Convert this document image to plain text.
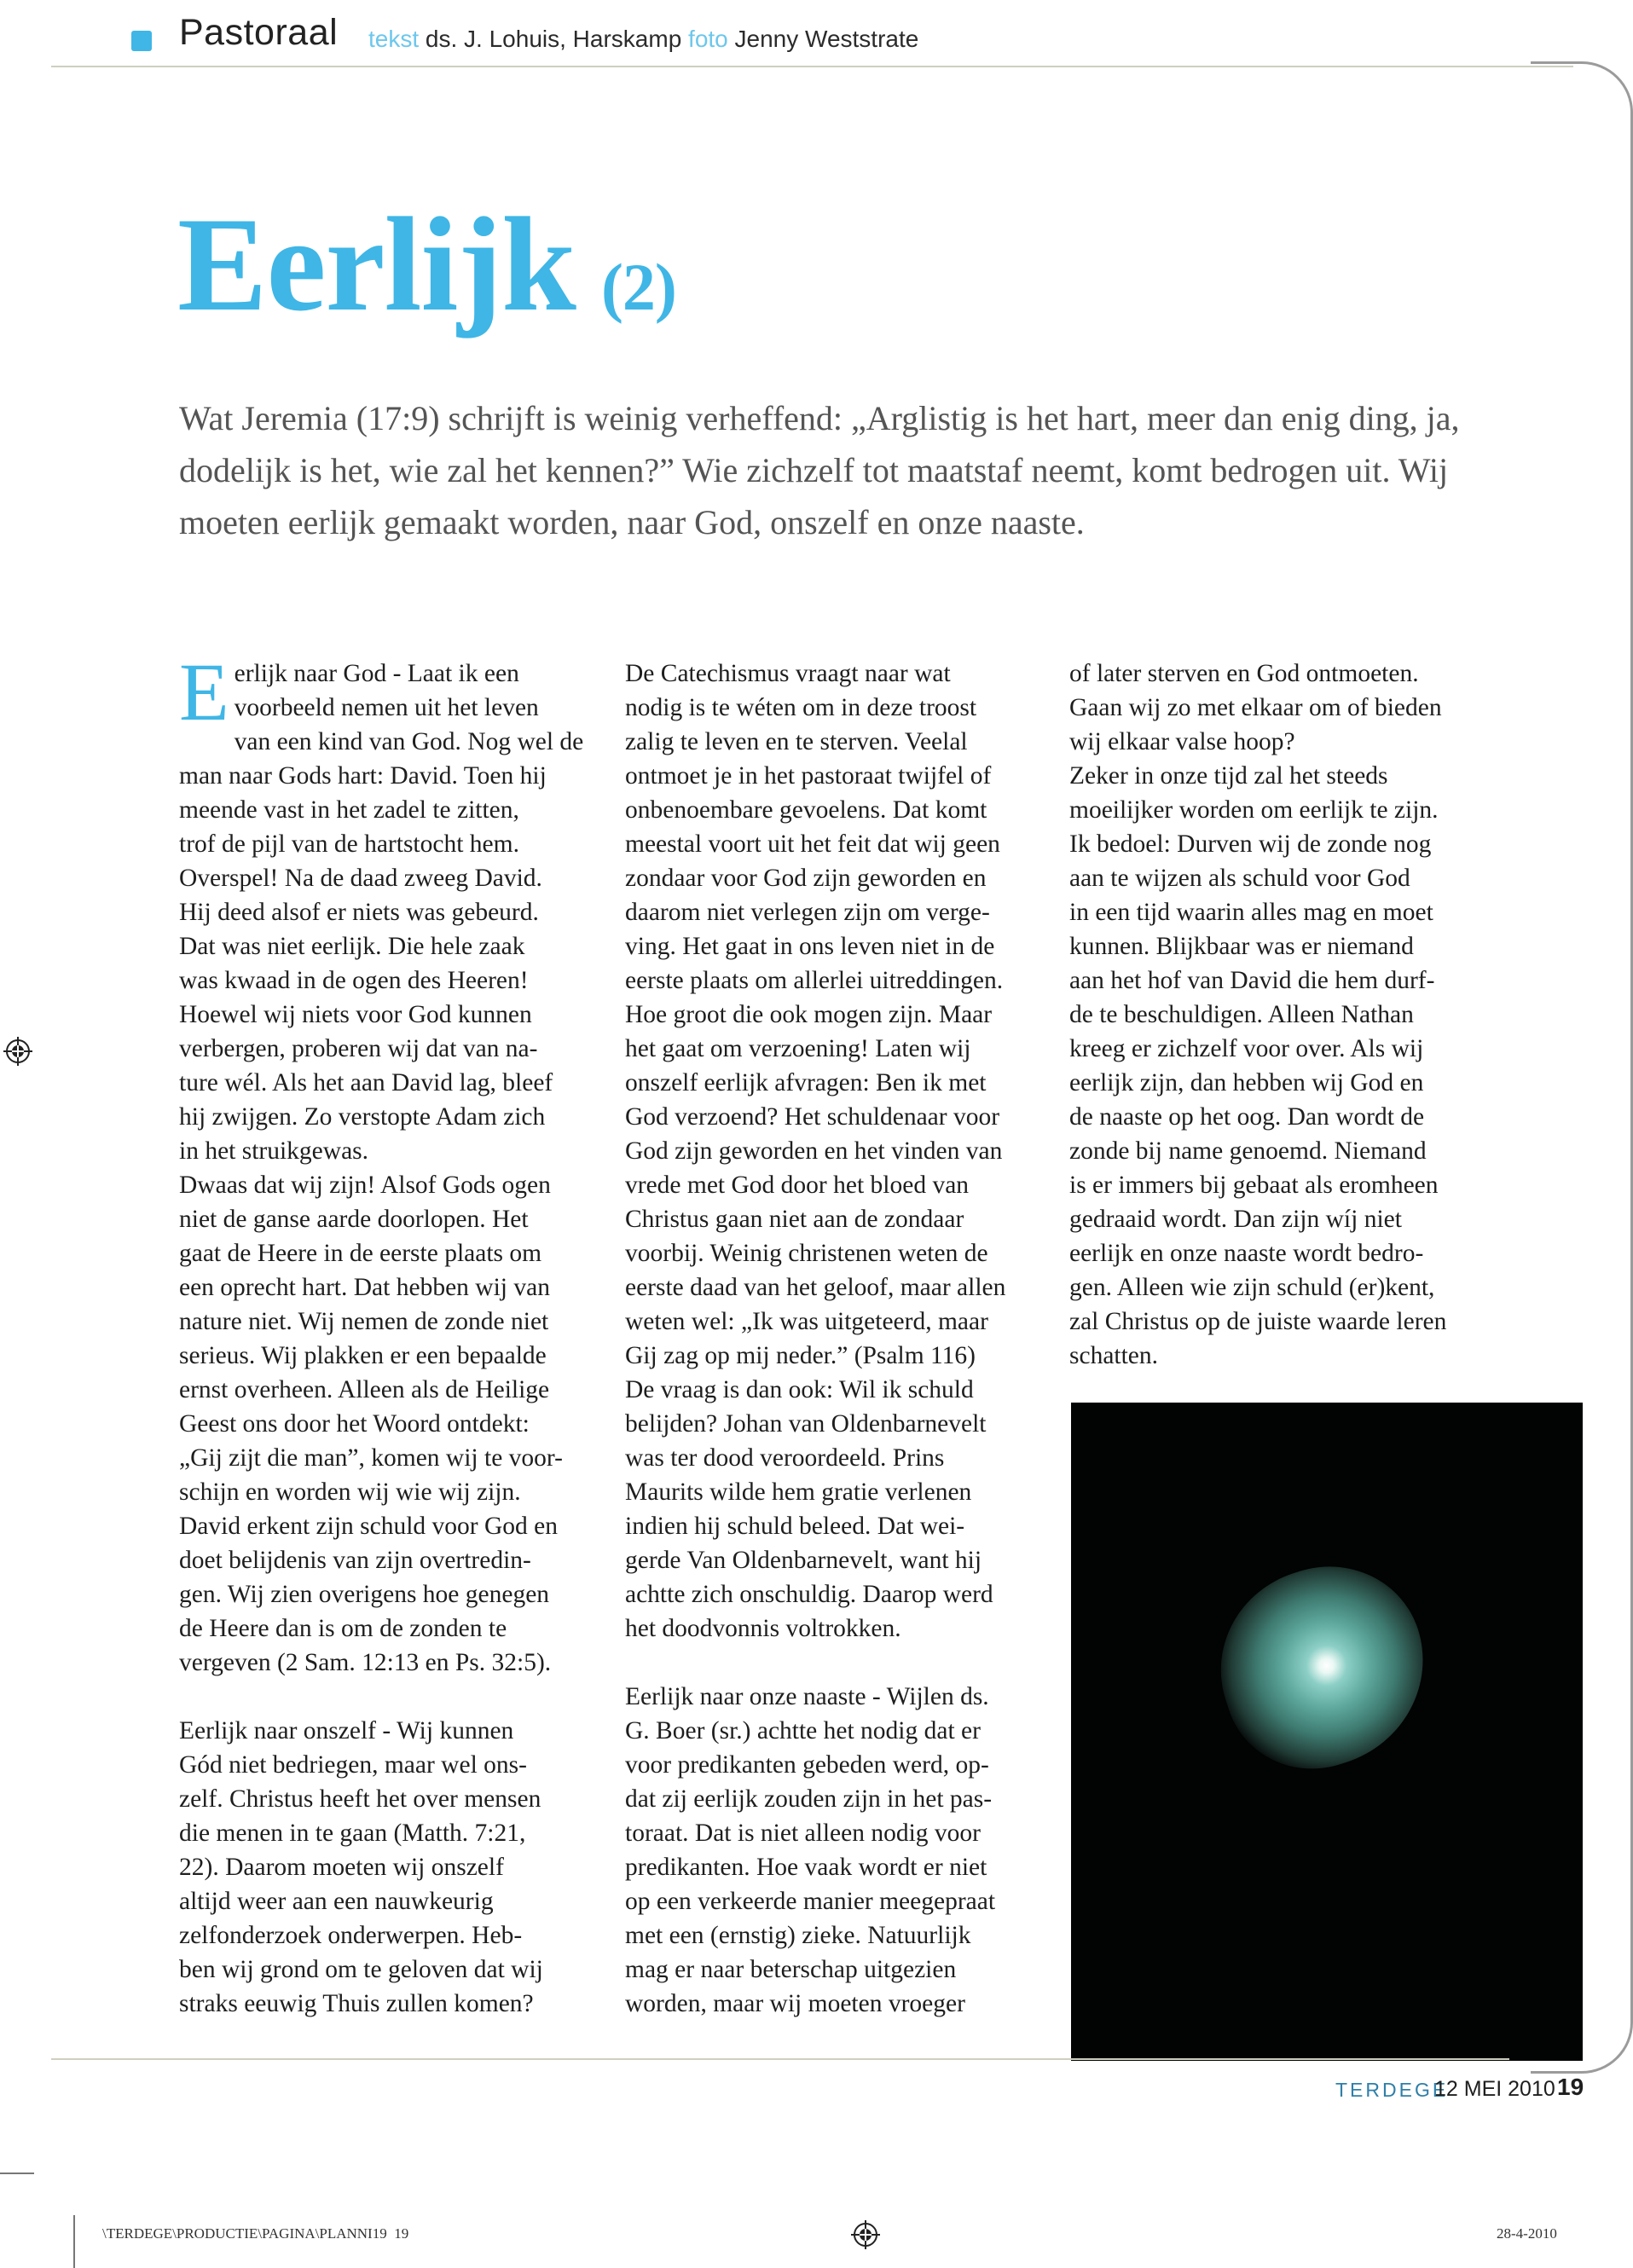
Pastoraal tekst ds. J. Lohuis, Harskamp foto Jenny Weststrate
Eerlijk (2)
Wat Jeremia (17:9) schrijft is weinig verheffend: „Arglistig is het hart, meer dan enig ding, ja, dodelijk is het, wie zal het kennen?” Wie zichzelf tot maatstaf neemt, komt bedrogen uit. Wij moeten eerlijk gemaakt worden, naar God, onszelf en onze naaste.
E erlijk naar God - Laat ik een
voorbeeld nemen uit het leven
van een kind van God. Nog wel de
man naar Gods hart: David. Toen hij
meende vast in het zadel te zitten,
trof de pijl van de hartstocht hem.
Overspel! Na de daad zweeg David.
Hij deed alsof er niets was gebeurd.
Dat was niet eerlijk. Die hele zaak
was kwaad in de ogen des Heeren!
Hoewel wij niets voor God kunnen
verbergen, proberen wij dat van na-
ture wél. Als het aan David lag, bleef
hij zwijgen. Zo verstopte Adam zich
in het struikgewas.
Dwaas dat wij zijn! Alsof Gods ogen
niet de ganse aarde doorlopen. Het
gaat de Heere in de eerste plaats om
een oprecht hart. Dat hebben wij van
nature niet. Wij nemen de zonde niet
serieus. Wij plakken er een bepaalde
ernst overheen. Alleen als de Heilige
Geest ons door het Woord ontdekt:
„Gij zijt die man”, komen wij te voor-
schijn en worden wij wie wij zijn.
David erkent zijn schuld voor God en
doet belijdenis van zijn overtredin-
gen. Wij zien overigens hoe genegen
de Heere dan is om de zonden te
vergeven (2 Sam. 12:13 en Ps. 32:5).
Eerlijk naar onszelf - Wij kunnen
Gód niet bedriegen, maar wel ons-
zelf. Christus heeft het over mensen
die menen in te gaan (Matth. 7:21,
22). Daarom moeten wij onszelf
altijd weer aan een nauwkeurig
zelfonderzoek onderwerpen. Heb-
ben wij grond om te geloven dat wij
straks eeuwig Thuis zullen komen?
De Catechismus vraagt naar wat
nodig is te wéten om in deze troost
zalig te leven en te sterven. Veelal
ontmoet je in het pastoraat twijfel of
onbenoembare gevoelens. Dat komt
meestal voort uit het feit dat wij geen
zondaar voor God zijn geworden en
daarom niet verlegen zijn om verge-
ving. Het gaat in ons leven niet in de
eerste plaats om allerlei uitreddingen.
Hoe groot die ook mogen zijn. Maar
het gaat om verzoening! Laten wij
onszelf eerlijk afvragen: Ben ik met
God verzoend? Het schuldenaar voor
God zijn geworden en het vinden van
vrede met God door het bloed van
Christus gaan niet aan de zondaar
voorbij. Weinig christenen weten de
eerste daad van het geloof, maar allen
weten wel: „Ik was uitgeteerd, maar
Gij zag op mij neder.” (Psalm 116)
De vraag is dan ook: Wil ik schuld
belijden? Johan van Oldenbarnevelt
was ter dood veroordeeld. Prins
Maurits wilde hem gratie verlenen
indien hij schuld beleed. Dat wei-
gerde Van Oldenbarnevelt, want hij
achtte zich onschuldig. Daarop werd
het doodvonnis voltrokken.
Eerlijk naar onze naaste - Wijlen ds.
G. Boer (sr.) achtte het nodig dat er
voor predikanten gebeden werd, op-
dat zij eerlijk zouden zijn in het pas-
toraat. Dat is niet alleen nodig voor
predikanten. Hoe vaak wordt er niet
op een verkeerde manier meegepraat
met een (ernstig) zieke. Natuurlijk
mag er naar beterschap uitgezien
worden, maar wij moeten vroeger
of later sterven en God ontmoeten.
Gaan wij zo met elkaar om of bieden
wij elkaar valse hoop?
Zeker in onze tijd zal het steeds
moeilijker worden om eerlijk te zijn.
Ik bedoel: Durven wij de zonde nog
aan te wijzen als schuld voor God
in een tijd waarin alles mag en moet
kunnen. Blijkbaar was er niemand
aan het hof van David die hem durf-
de te beschuldigen. Alleen Nathan
kreeg er zichzelf voor over. Als wij
eerlijk zijn, dan hebben wij God en
de naaste op het oog. Dan wordt de
zonde bij name genoemd. Niemand
is er immers bij gebaat als eromheen
gedraaid wordt. Dan zijn wíj niet
eerlijk en onze naaste wordt bedro-
gen. Alleen wie zijn schuld (er)kent,
zal Christus op de juiste waarde leren
schatten.
TERDEGE
12 MEI 2010 19
\TERDEGE\PRODUCTIE\PAGINA\PLANNI19 19	28-4-2010
